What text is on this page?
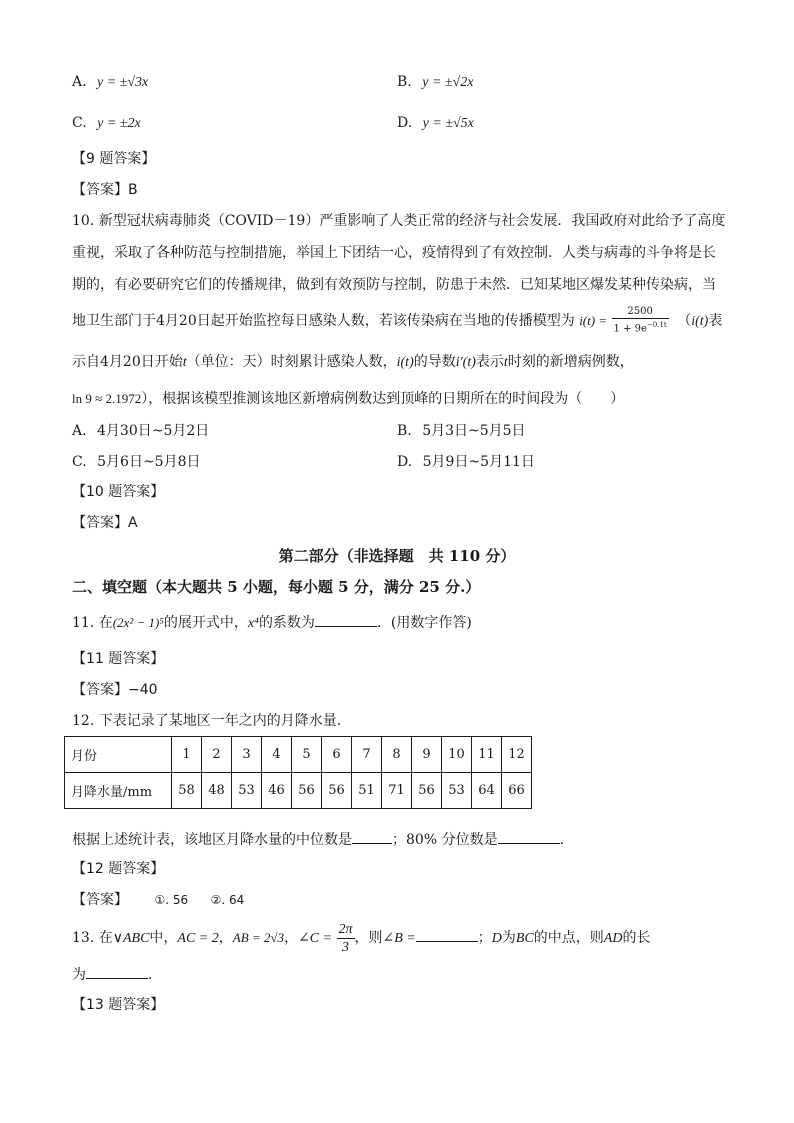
A. y = ±√3x	B. y = ±√2x
C. y = ±2x	D. y = ±√5x
【9 题答案】
【答案】B
10. 新型冠状病毒肺炎（COVID－19）严重影响了人类正常的经济与社会发展．我国政府对此给予了高度
重视，采取了各种防范与控制措施，举国上下团结一心，疫情得到了有效控制．人类与病毒的斗争将是长
期的，有必要研究它们的传播规律，做到有效预防与控制，防患于未然．已知某地区爆发某种传染病，当
地卫生部门于4月20日起开始监控每日感染人数，若该传染病在当地的传播模型为 $i(t) = \frac{2500}{1 + 9e^{-0.1t}} (i(t)$表
示自4月20日开始t（单位：天）时刻累计感染人数，i(t)的导数i′(t)表示t时刻的新增病例数，
ln 9 ≈ 2.1972），根据该模型推测该地区新增病例数达到顶峰的日期所在的时间段为（　　）
A. 4月30日~5月2日	B. 5月3日~5月5日
C. 5月6日~5月8日	D. 5月9日~5月11日
【10 题答案】
【答案】A
第二部分（非选择题　共 110 分）
二、填空题（本大题共 5 小题，每小题 5 分，满分 25 分.）
11. 在(2x² − 1)⁵的展开式中，x⁴的系数为	．(用数字作答)
【11 题答案】
【答案】−40
12. 下表记录了某地区一年之内的月降水量.
月份	1	2	3	4	5	6	7	8	9	10	11	12
月降水量/mm	58	48	53	46	56	56	51	71	56	53	64	66
根据上述统计表，该地区月降水量的中位数是	；80% 分位数是	．
【12 题答案】
【答案】 ①. 56 ②. 64
13. 在∨ABC中，AC = 2，AB = 2√3，∠C = $\frac{2\pi}{3}$ ，则∠B =	；D为BC的中点，则AD的长
为	．
【13 题答案】
